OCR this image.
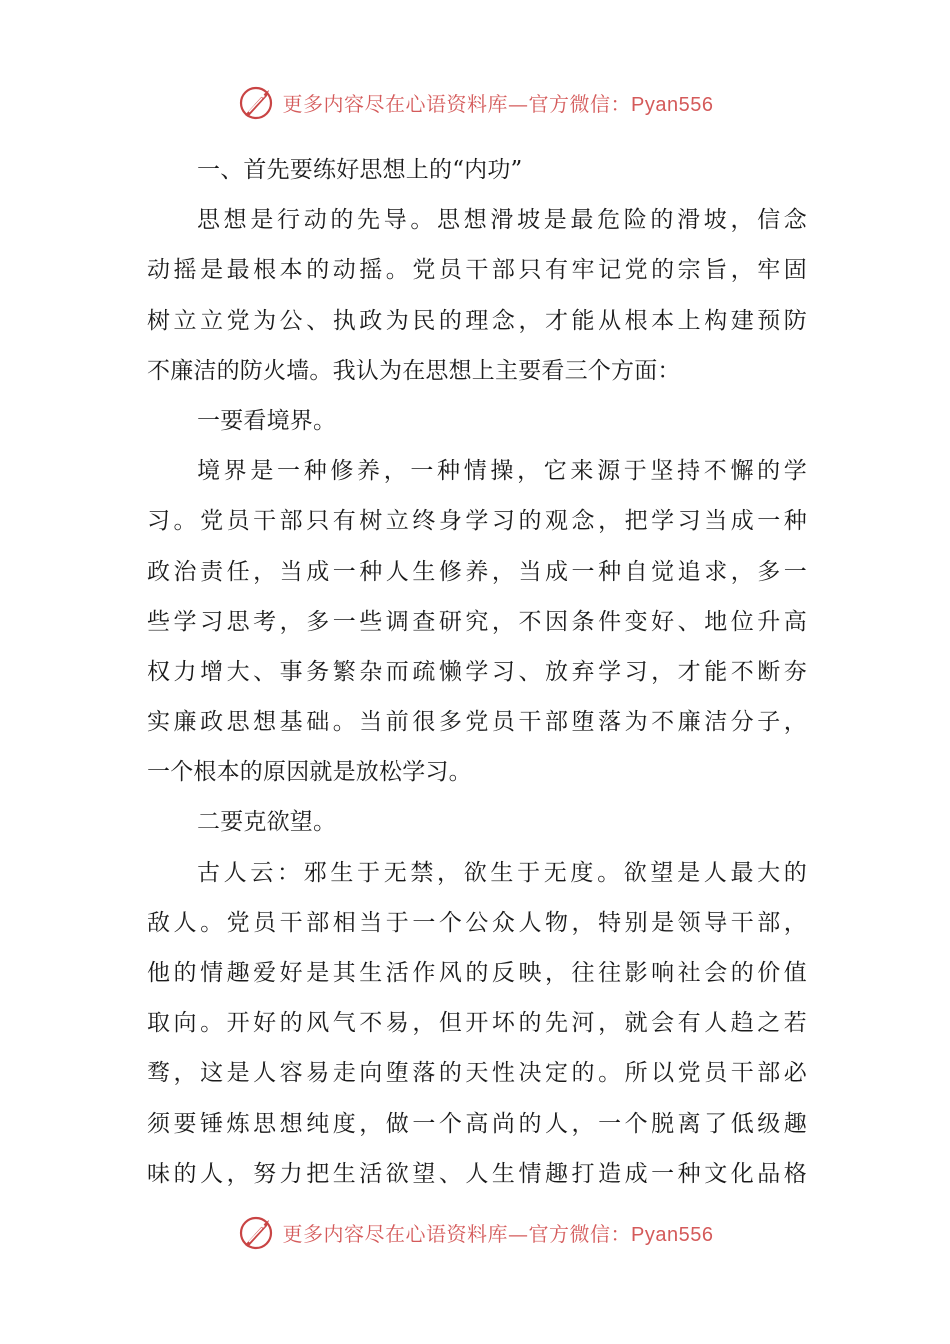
更多内容尽在心语资料库—官方微信：Pyan556
一、首先要练好思想上的“内功”
思想是行动的先导。思想滑坡是最危险的滑坡，信念
动摇是最根本的动摇。党员干部只有牢记党的宗旨，牢固
树立立党为公、执政为民的理念，才能从根本上构建预防
不廉洁的防火墙。我认为在思想上主要看三个方面：
一要看境界。
境界是一种修养，一种情操，它来源于坚持不懈的学
习。党员干部只有树立终身学习的观念，把学习当成一种
政治责任，当成一种人生修养，当成一种自觉追求，多一
些学习思考，多一些调查研究，不因条件变好、地位升高
权力增大、事务繁杂而疏懒学习、放弃学习，才能不断夯
实廉政思想基础。当前很多党员干部堕落为不廉洁分子，
一个根本的原因就是放松学习。
二要克欲望。
古人云：邪生于无禁，欲生于无度。欲望是人最大的
敌人。党员干部相当于一个公众人物，特别是领导干部，
他的情趣爱好是其生活作风的反映，往往影响社会的价值
取向。开好的风气不易，但开坏的先河，就会有人趋之若
骛，这是人容易走向堕落的天性决定的。所以党员干部必
须要锤炼思想纯度，做一个高尚的人，一个脱离了低级趣
味的人，努力把生活欲望、人生情趣打造成一种文化品格
更多内容尽在心语资料库—官方微信：Pyan556
